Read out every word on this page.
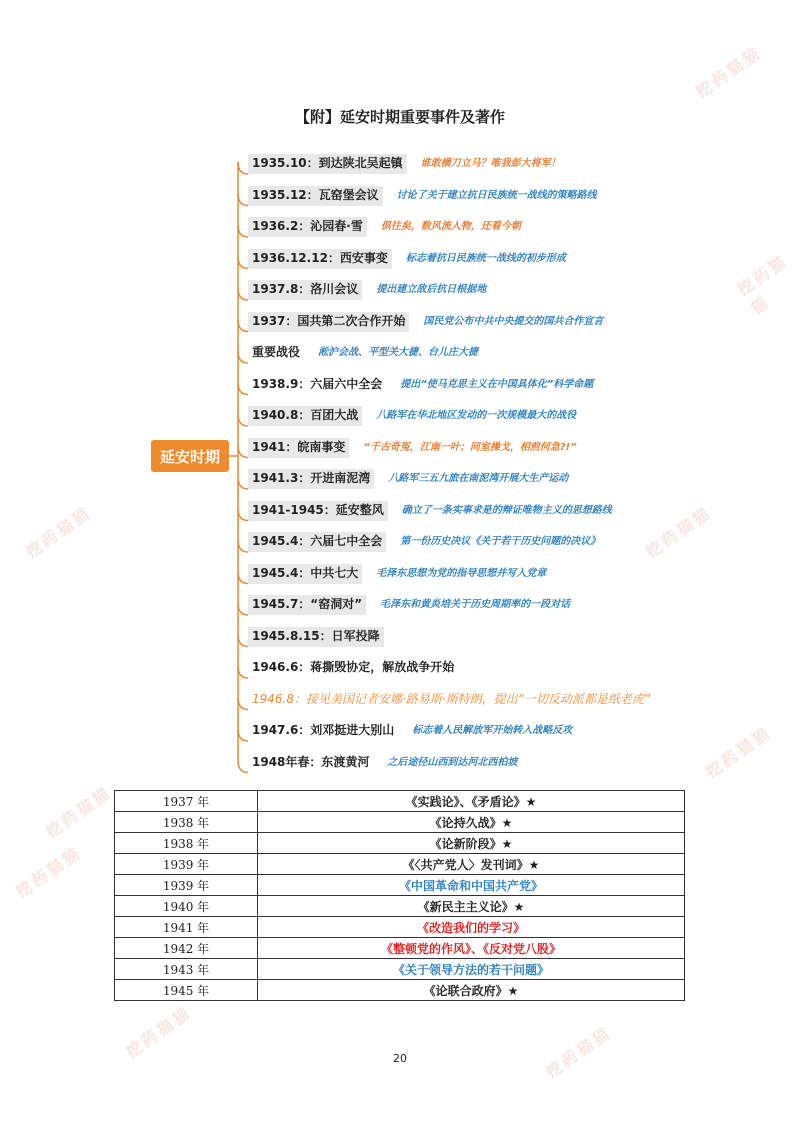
【附】延安时期重要事件及著作
延安时期
1935.10：到达陕北吴起镇	谁敢横刀立马？唯我彭大将军！
1935.12：瓦窑堡会议	讨论了关于建立抗日民族统一战线的策略路线
1936.2：沁园春·雪	俱往矣，数风流人物，还看今朝
1936.12.12：西安事变	标志着抗日民族统一战线的初步形成
1937.8：洛川会议	提出建立敌后抗日根据地
1937：国共第二次合作开始	国民党公布中共中央提交的国共合作宣言
重要战役	淞沪会战、平型关大捷、台儿庄大捷
1938.9：六届六中全会	提出“使马克思主义在中国具体化”科学命题
1940.8：百团大战	八路军在华北地区发动的一次规模最大的战役
1941：皖南事变	“千古奇冤，江南一叶；同室操戈，相煎何急?!”
1941.3：开进南泥湾	八路军三五九旅在南泥湾开展大生产运动
1941-1945：延安整风	确立了一条实事求是的辩证唯物主义的思想路线
1945.4：六届七中全会	第一份历史决议《关于若干历史问题的决议》
1945.4：中共七大	毛泽东思想为党的指导思想并写入党章
1945.7：“窑洞对”	毛泽东和黄炎培关于历史周期率的一段对话
1945.8.15：日军投降
1946.6：蒋撕毁协定，解放战争开始
1946.8：接见美国记者安娜·路易斯·斯特朗，提出“一切反动派都是纸老虎”
1947.6：刘邓挺进大别山	标志着人民解放军开始转入战略反攻
1948年春：东渡黄河	之后途径山西到达河北西柏坡
1937 年	《实践论》、《矛盾论》★
1938 年	《论持久战》★
1938 年	《论新阶段》★
1939 年	《〈共产党人〉发刊词》★
1939 年	《中国革命和中国共产党》
1940 年	《新民主主义论》★
1941 年	《改造我们的学习》
1942 年	《整顿党的作风》、《反对党八股》
1943 年	《关于领导方法的若干问题》
1945 年	《论联合政府》★
20
挖药猫猫
挖药猫猫
挖药猫猫	挖药猫猫
挖药猫猫
挖药猫猫
挖药猫猫	挖药猫猫
挖药猫猫
